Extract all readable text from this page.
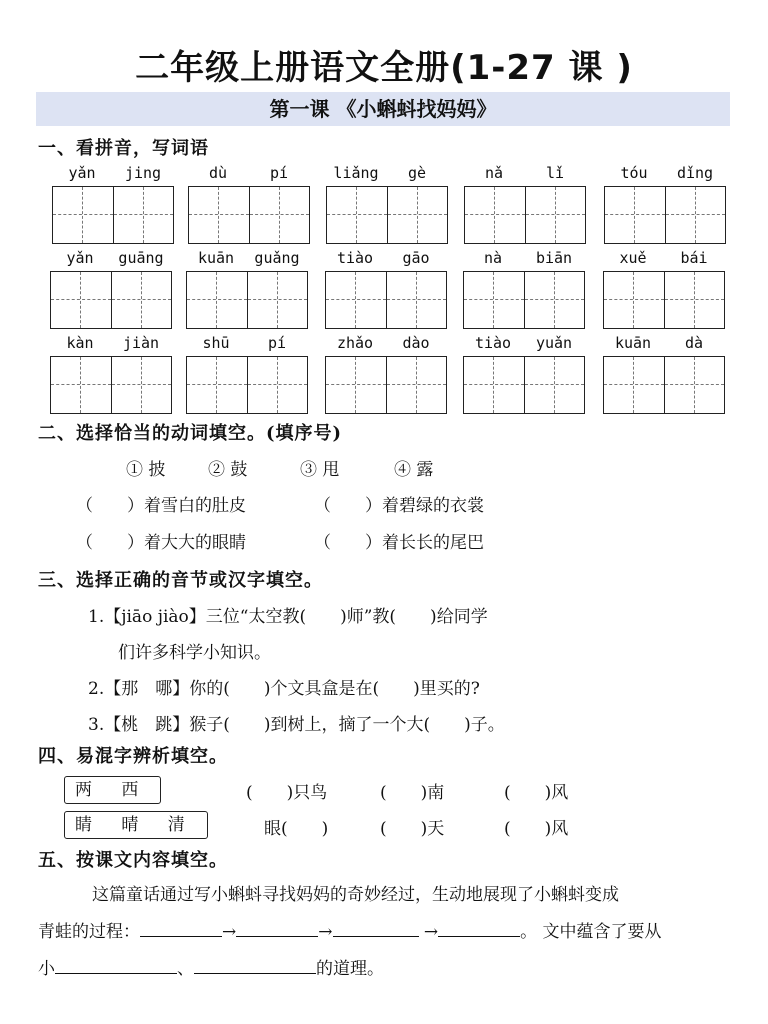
二年级上册语文全册(1-27 课 )
第一课 《小蝌蚪找妈妈》
一、看拼音，写词语
yǎn	jing	dù	pí	liǎng	gè	nǎ	lǐ	tóu	dǐng
yǎn	guāng	kuān	guǎng	tiào	gāo	nà	biān	xuě	bái
kàn	jiàn	shū	pí	zhǎo	dào	tiào	yuǎn	kuān	dà
二、选择恰当的动词填空。(填序号)
① 披	② 鼓	③ 甩	④ 露
（　　）着雪白的肚皮	（　　）着碧绿的衣裳
（　　）着大大的眼睛	（　　）着长长的尾巴
三、选择正确的音节或汉字填空。
1.【jiāo jiào】三位“太空教(　　)师”教(　　)给同学
们许多科学小知识。
2.【那　哪】你的(　　)个文具盒是在(　　)里买的?
3.【桃　跳】猴子(　　)到树上，摘了一个大(　　)子。
四、易混字辨析填空。
两 西	(　　)只鸟	(　　)南	(　　)风
睛 晴 清	眼(　　)	(　　)天	(　　)风
五、按课文内容填空。
这篇童话通过写小蝌蚪寻找妈妈的奇妙经过，生动地展现了小蝌蚪变成
青蛙的过程：	→	→	→	。 文中蕴含了要从
小	、	的道理。
